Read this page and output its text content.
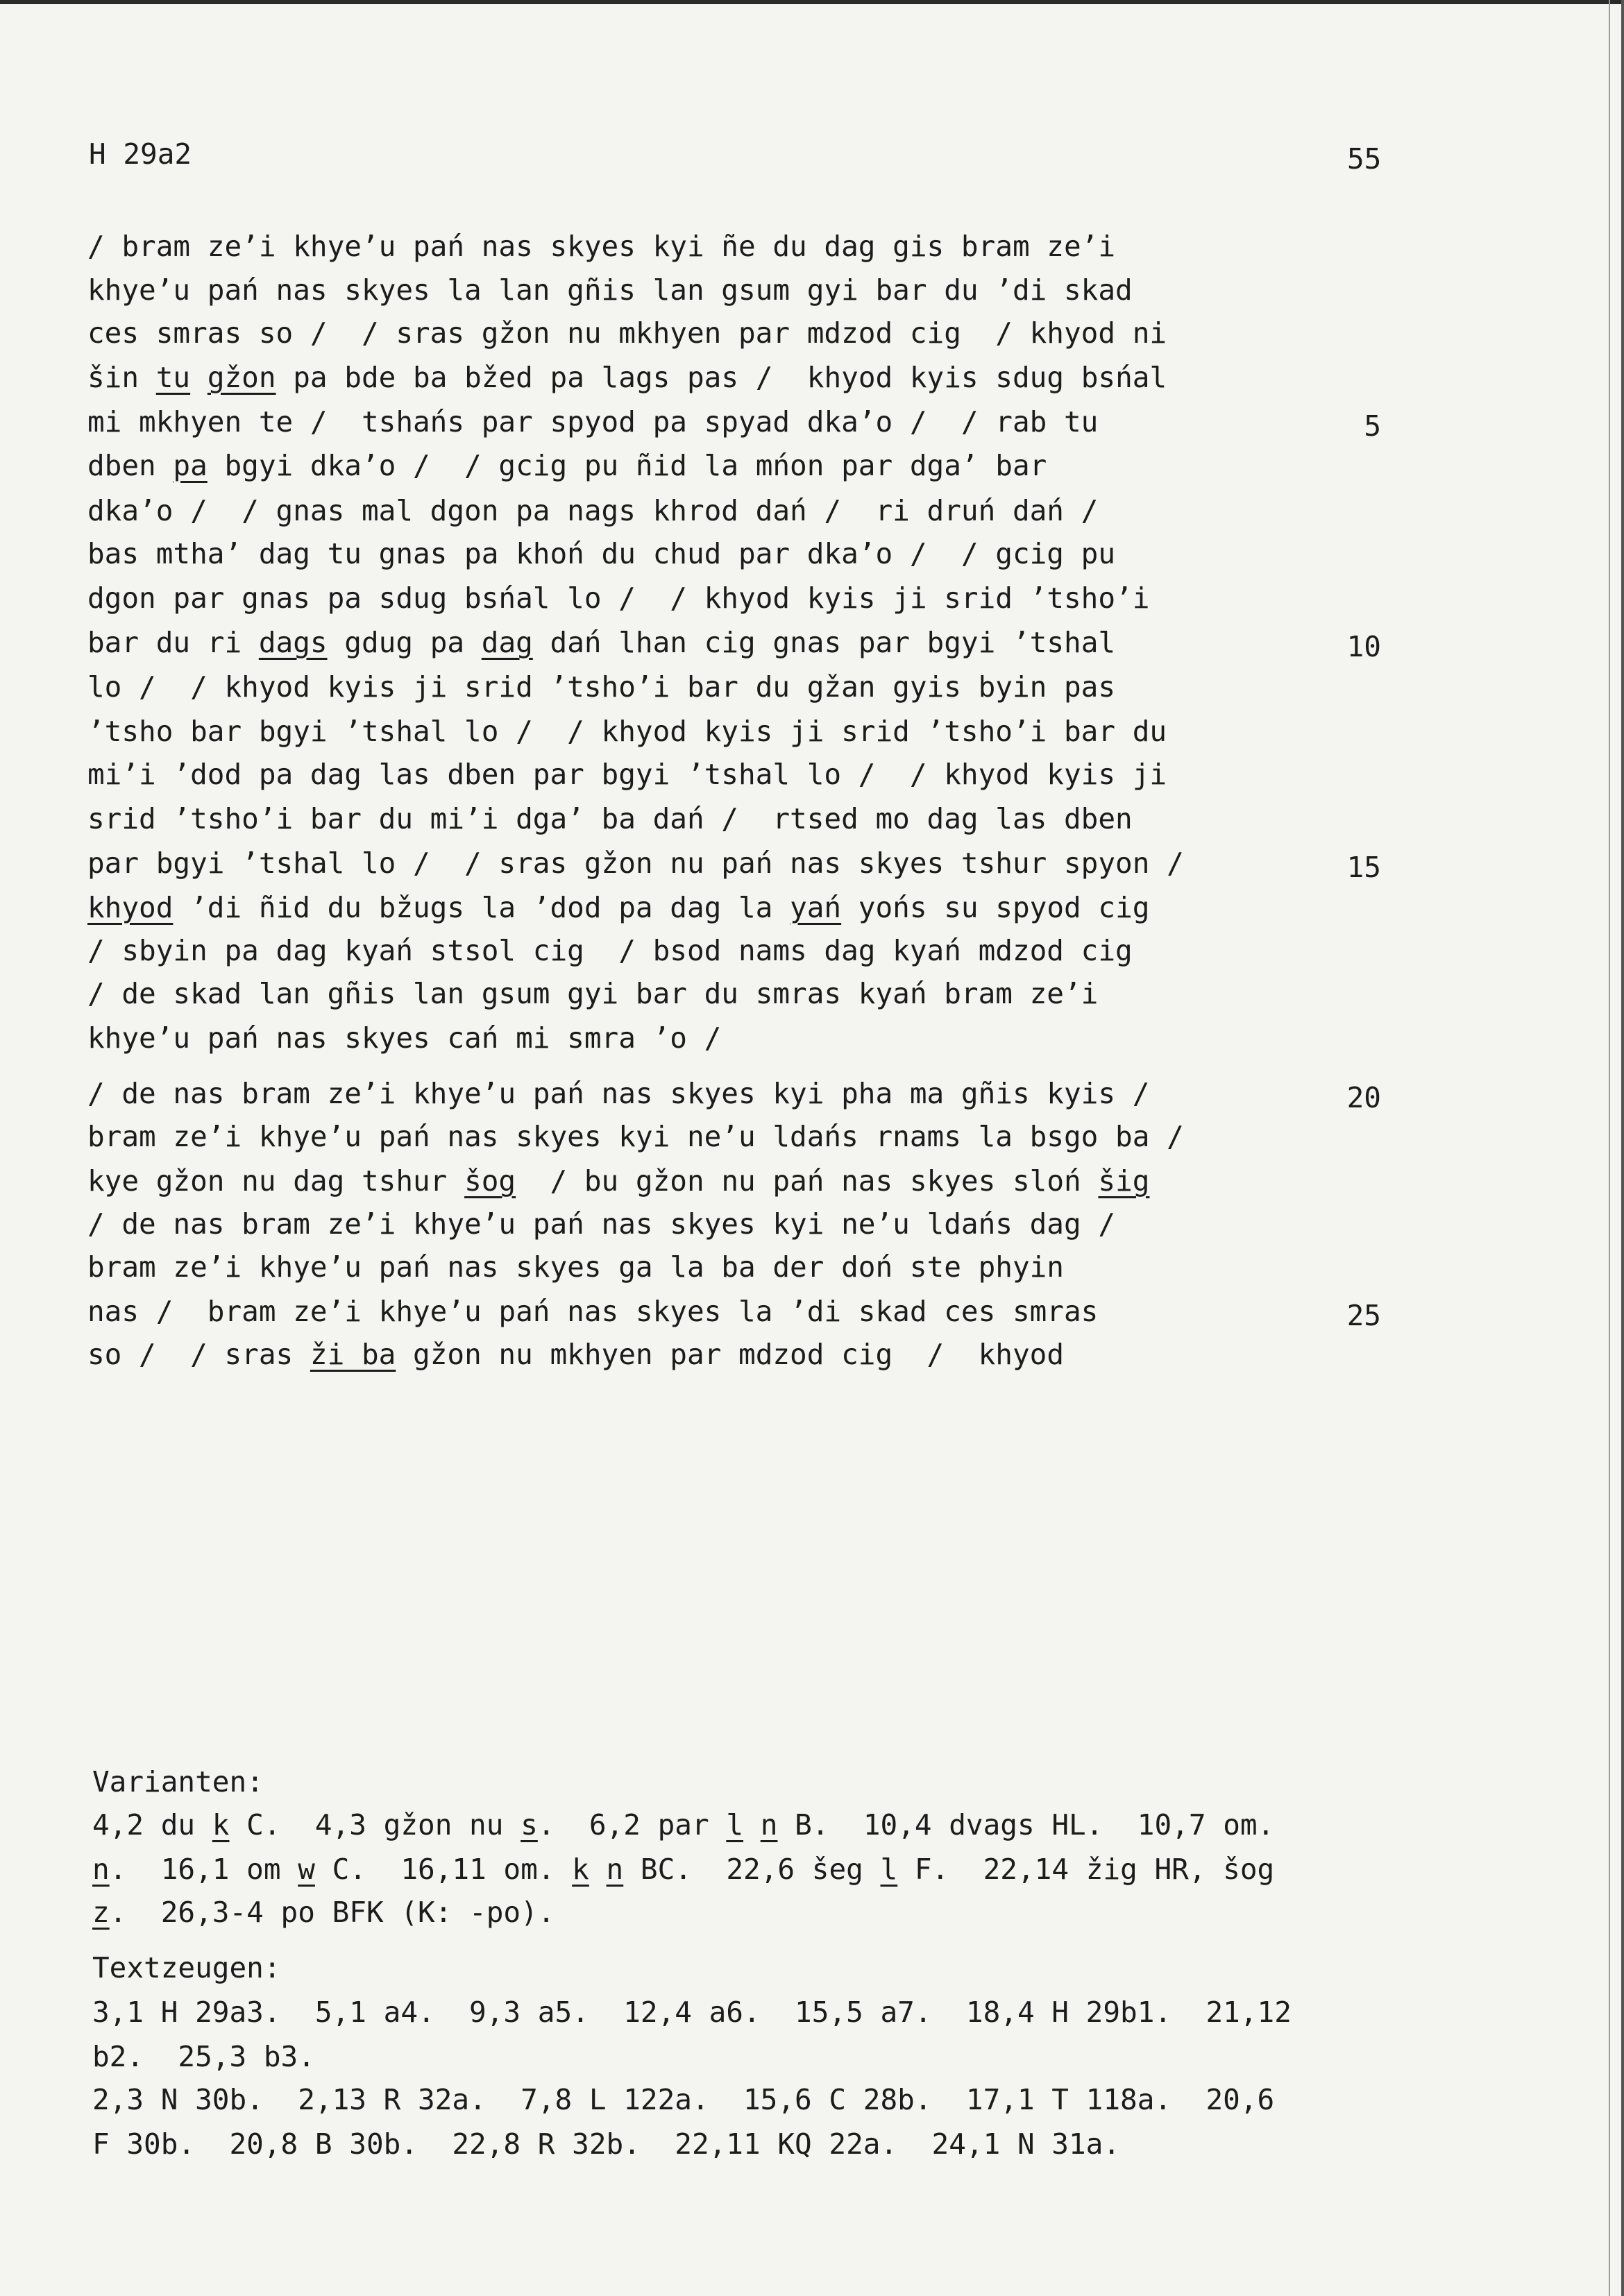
H 29a2	55
/ bram ze’i khye’u pań nas skyes kyi ñe du dag gis bram ze’i
khye’u pań nas skyes la lan gñis lan gsum gyi bar du ’di skad
ces smras so /  / sras gžon nu mkhyen par mdzod cig  / khyod ni
šin tu gžon pa bde ba bžed pa lags pas /  khyod kyis sdug bsńal
mi mkhyen te /  tshańs par spyod pa spyad dka’o /  / rab tu	5
dben pa bgyi dka’o /  / gcig pu ñid la mńon par dga’ bar
dka’o /  / gnas mal dgon pa nags khrod dań /  ri druń dań /
bas mtha’ dag tu gnas pa khoń du chud par dka’o /  / gcig pu
dgon par gnas pa sdug bsńal lo /  / khyod kyis ji srid ’tsho’i
bar du ri dags gdug pa dag dań lhan cig gnas par bgyi ’tshal	10
lo /  / khyod kyis ji srid ’tsho’i bar du gžan gyis byin pas
’tsho bar bgyi ’tshal lo /  / khyod kyis ji srid ’tsho’i bar du
mi’i ’dod pa dag las dben par bgyi ’tshal lo /  / khyod kyis ji
srid ’tsho’i bar du mi’i dga’ ba dań /  rtsed mo dag las dben
par bgyi ’tshal lo /  / sras gžon nu pań nas skyes tshur spyon /	15
khyod ’di ñid du bžugs la ’dod pa dag la yań yońs su spyod cig
/ sbyin pa dag kyań stsol cig  / bsod nams dag kyań mdzod cig
/ de skad lan gñis lan gsum gyi bar du smras kyań bram ze’i
khye’u pań nas skyes cań mi smra ’o /
/ de nas bram ze’i khye’u pań nas skyes kyi pha ma gñis kyis /	20
bram ze’i khye’u pań nas skyes kyi ne’u ldańs rnams la bsgo ba /
kye gžon nu dag tshur šog  / bu gžon nu pań nas skyes sloń šig
/ de nas bram ze’i khye’u pań nas skyes kyi ne’u ldańs dag /
bram ze’i khye’u pań nas skyes ga la ba der doń ste phyin
nas /  bram ze’i khye’u pań nas skyes la ’di skad ces smras	25
so /  / sras ži ba gžon nu mkhyen par mdzod cig  /  khyod
Varianten:
4,2 du k C.  4,3 gžon nu s.  6,2 par l n B.  10,4 dvags HL.  10,7 om.
n.  16,1 om w C.  16,11 om. k n BC.  22,6 šeg l F.  22,14 žig HR, šog
z.  26,3-4 po BFK (K: -po).
Textzeugen:
3,1 H 29a3.  5,1 a4.  9,3 a5.  12,4 a6.  15,5 a7.  18,4 H 29b1.  21,12
b2.  25,3 b3.
2,3 N 30b.  2,13 R 32a.  7,8 L 122a.  15,6 C 28b.  17,1 T 118a.  20,6
F 30b.  20,8 B 30b.  22,8 R 32b.  22,11 KQ 22a.  24,1 N 31a.
